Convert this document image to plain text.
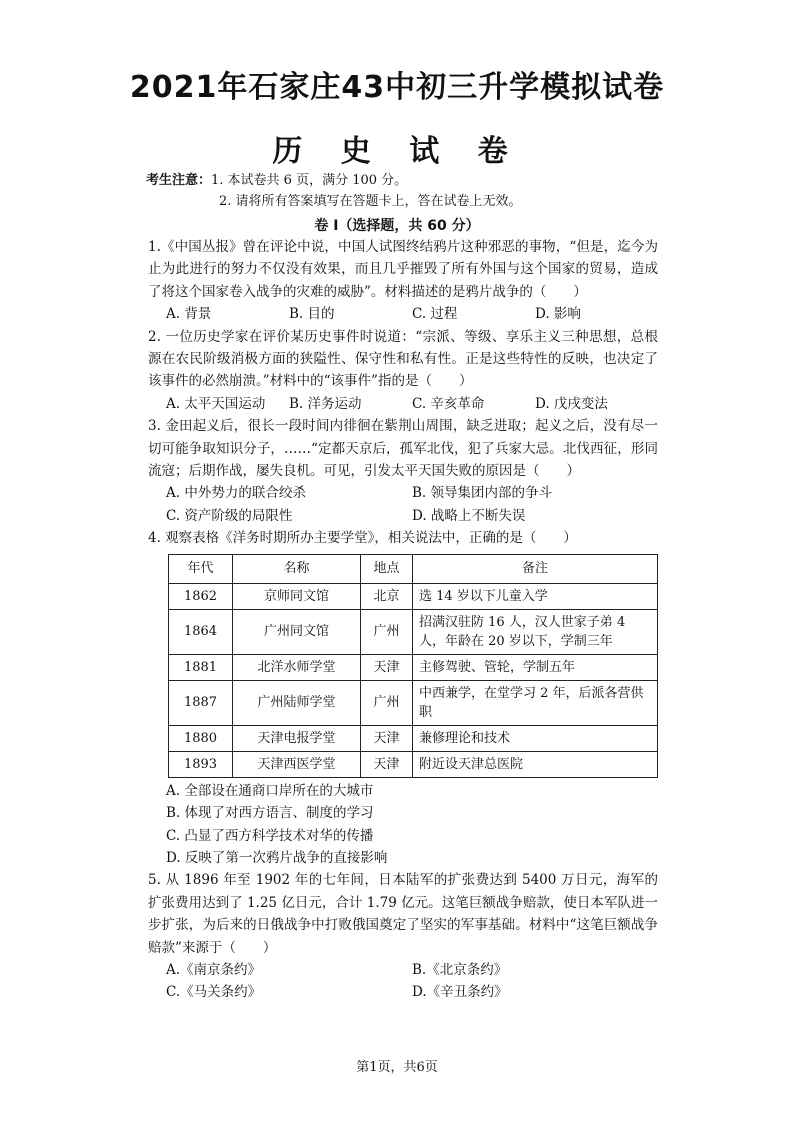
2021年石家庄43中初三升学模拟试卷
历 史 试 卷
考生注意：1. 本试卷共 6 页，满分 100 分。
2. 请将所有答案填写在答题卡上，答在试卷上无效。
卷 Ⅰ（选择题，共 60 分）
1.《中国丛报》曾在评论中说，中国人试图终结鸦片这种邪恶的事物，“但是，迄今为止为此进行的努力不仅没有效果，而且几乎摧毁了所有外国与这个国家的贸易，造成了将这个国家卷入战争的灾难的威胁”。材料描述的是鸦片战争的（　　）
A. 背景	B. 目的	C. 过程	D. 影响
2. 一位历史学家在评价某历史事件时说道：“宗派、等级、享乐主义三种思想，总根源在农民阶级消极方面的狭隘性、保守性和私有性。正是这些特性的反映，也决定了该事件的必然崩溃。”材料中的“该事件”指的是（　　）
A. 太平天国运动	B. 洋务运动	C. 辛亥革命	D. 戊戌变法
3. 金田起义后，很长一段时间内徘徊在紫荆山周围，缺乏进取；起义之后，没有尽一切可能争取知识分子，……“定都天京后，孤军北伐，犯了兵家大忌。北伐西征，形同流寇；后期作战，屡失良机。可见，引发太平天国失败的原因是（　　）
A. 中外势力的联合绞杀	B. 领导集团内部的争斗
C. 资产阶级的局限性	D. 战略上不断失误
4. 观察表格《洋务时期所办主要学堂》，相关说法中，正确的是（　　）
年代	名称	地点	备注
1862	京师同文馆	北京	选 14 岁以下儿童入学
1864	广州同文馆	广州	招满汉驻防 16 人，汉人世家子弟 4 人，年龄在 20 岁以下，学制三年
1881	北洋水师学堂	天津	主修驾驶、管轮，学制五年
1887	广州陆师学堂	广州	中西兼学，在堂学习 2 年，后派各营供职
1880	天津电报学堂	天津	兼修理论和技术
1893	天津西医学堂	天津	附近设天津总医院
A. 全部设在通商口岸所在的大城市
B. 体现了对西方语言、制度的学习
C. 凸显了西方科学技术对华的传播
D. 反映了第一次鸦片战争的直接影响
5. 从 1896 年至 1902 年的七年间，日本陆军的扩张费达到 5400 万日元，海军的扩张费用达到了 1.25 亿日元，合计 1.79 亿元。这笔巨额战争赔款，使日本军队进一步扩张，为后来的日俄战争中打败俄国奠定了坚实的军事基础。材料中“这笔巨额战争赔款”来源于（　　）
A.《南京条约》	B.《北京条约》
C.《马关条约》	D.《辛丑条约》
第1页，共6页
